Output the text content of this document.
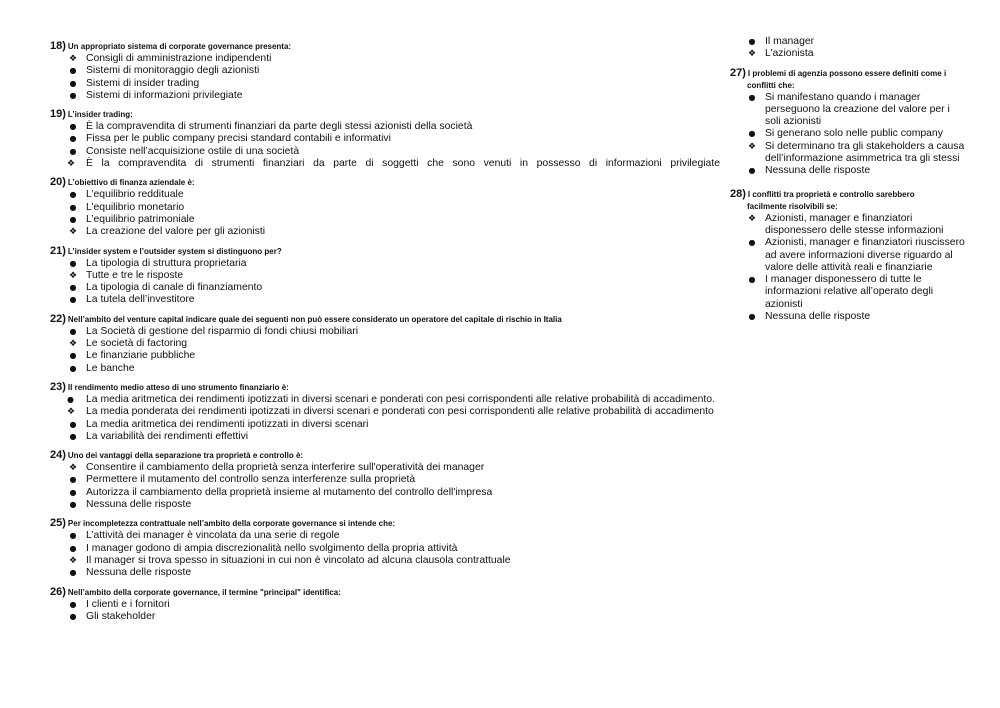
18) Un appropriato sistema di corporate governance presenta:
❖ Consigli di amministrazione indipendenti
● Sistemi di monitoraggio degli azionisti
● Sistemi di insider trading
● Sistemi di informazioni privilegiate
19) L’insider trading:
● È la compravendita di strumenti finanziari da parte degli stessi azionisti della società
● Fissa per le public company precisi standard contabili e informativi
● Consiste nell’acquisizione ostile di una società
❖	È la compravendita di strumenti finanziari da parte di soggetti che sono venuti in possesso di informazioni privilegiate
20) L’obiettivo di finanza aziendale è:
● L’equilibrio reddituale
● L’equilibrio monetario
● L’equilibrio patrimoniale
❖ La creazione del valore per gli azionisti
21) L’insider system e l’outsider system si distinguono per?
● La tipologia di struttura proprietaria
❖ Tutte e tre le risposte
● La tipologia di canale di finanziamento
● La tutela dell’investitore
22) Nell’ambito del venture capital indicare quale dei seguenti non può essere considerato un operatore del capitale di rischio in Italia
● La Società di gestione del risparmio di fondi chiusi mobiliari
❖ Le società di factoring
● Le finanziarie pubbliche
● Le banche
23) Il rendimento medio atteso di uno strumento finanziario è:
●	La media aritmetica dei rendimenti ipotizzati in diversi scenari e ponderati con pesi corrispondenti alle relative probabilità di accadimento.
❖	La media ponderata dei rendimenti ipotizzati in diversi scenari e ponderati con pesi corrispondenti alle relative probabilità di accadimento
● La media aritmetica dei rendimenti ipotizzati in diversi scenari
● La variabilità dei rendimenti effettivi
24) Uno dei vantaggi della separazione tra proprietà e controllo è:
❖ Consentire il cambiamento della proprietà senza interferire sull'operatività dei manager
● Permettere il mutamento del controllo senza interferenze sulla proprietà
● Autorizza il cambiamento della proprietà insieme al mutamento del controllo dell'impresa
● Nessuna delle risposte
25) Per incompletezza contrattuale nell’ambito della corporate governance si intende che:
● L’attività dei manager è vincolata da una serie di regole
● I manager godono di ampia discrezionalità nello svolgimento della propria attività
❖ Il manager si trova spesso in situazioni in cui non è vincolato ad alcuna clausola contrattuale
● Nessuna delle risposte
26) Nell’ambito della corporate governance, il termine "principal" identifica:
● I clienti e i fornitori
● Gli stakeholder
● Il manager
❖ L’azionista
27) I problemi di agenzia possono essere definiti come i
conflitti che:
● Si manifestano quando i manager perseguono la creazione del valore per i soli azionisti
● Si generano solo nelle public company
❖ Si determinano tra gli stakeholders a causa dell’informazione asimmetrica tra gli stessi
● Nessuna delle risposte
28) I conflitti tra proprietà e controllo sarebbero
facilmente risolvibili se:
❖ Azionisti, manager e finanziatori disponessero delle stesse informazioni
● Azionisti, manager e finanziatori riuscissero ad avere informazioni diverse riguardo al valore delle attività reali e finanziarie
● I manager disponessero di tutte le informazioni relative all’operato degli azionisti
● Nessuna delle risposte
